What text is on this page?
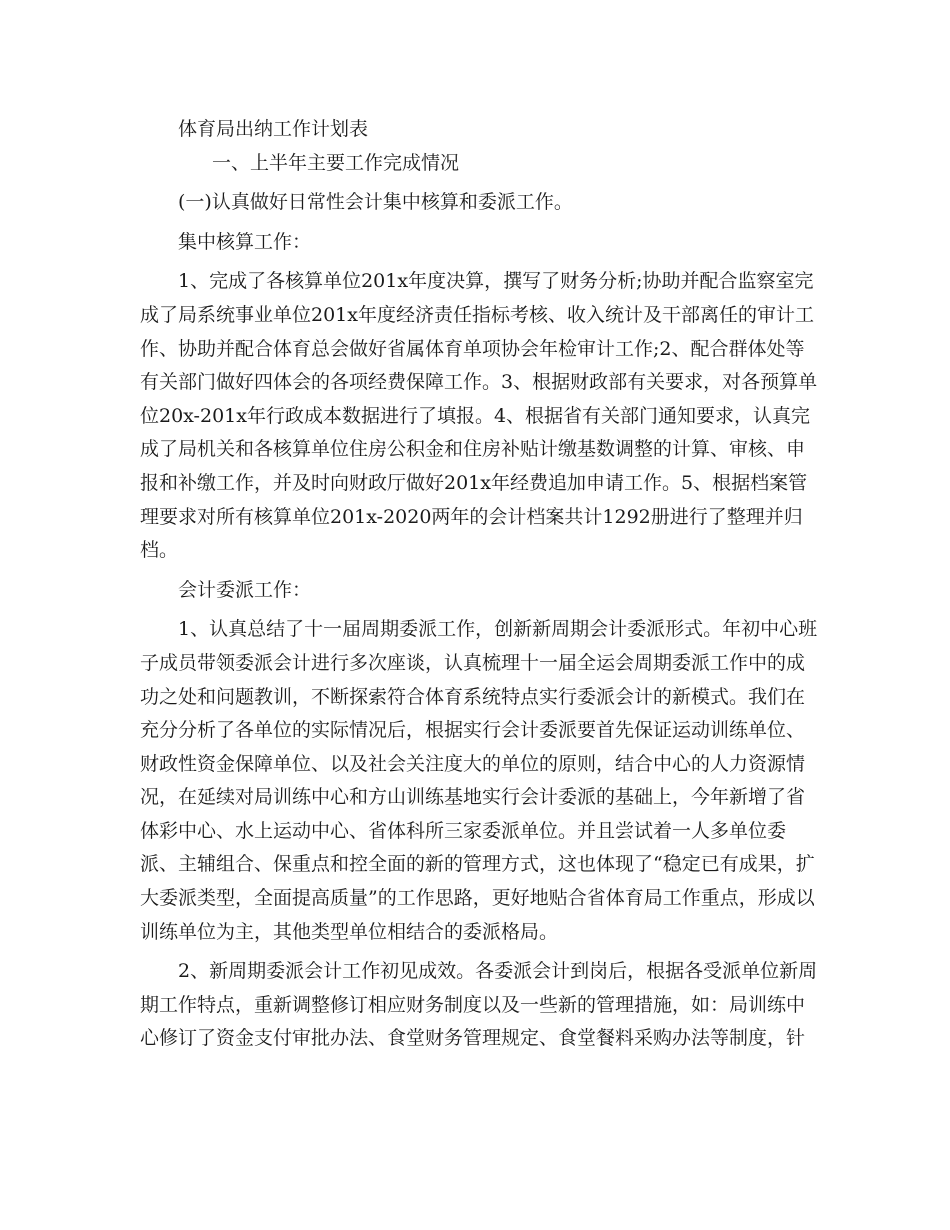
体育局出纳工作计划表
一、上半年主要工作完成情况
(一)认真做好日常性会计集中核算和委派工作。
集中核算工作：
1、完成了各核算单位201x年度决算，撰写了财务分析;协助并配合监察室完
成了局系统事业单位201x年度经济责任指标考核、收入统计及干部离任的审计工
作、协助并配合体育总会做好省属体育单项协会年检审计工作;2、配合群体处等
有关部门做好四体会的各项经费保障工作。3、根据财政部有关要求，对各预算单
位20x-201x年行政成本数据进行了填报。4、根据省有关部门通知要求，认真完
成了局机关和各核算单位住房公积金和住房补贴计缴基数调整的计算、审核、申
报和补缴工作，并及时向财政厅做好201x年经费追加申请工作。5、根据档案管
理要求对所有核算单位201x-2020两年的会计档案共计1292册进行了整理并归
档。
会计委派工作：
1、认真总结了十一届周期委派工作，创新新周期会计委派形式。年初中心班
子成员带领委派会计进行多次座谈，认真梳理十一届全运会周期委派工作中的成
功之处和问题教训，不断探索符合体育系统特点实行委派会计的新模式。我们在
充分分析了各单位的实际情况后，根据实行会计委派要首先保证运动训练单位、
财政性资金保障单位、以及社会关注度大的单位的原则，结合中心的人力资源情
况，在延续对局训练中心和方山训练基地实行会计委派的基础上，今年新增了省
体彩中心、水上运动中心、省体科所三家委派单位。并且尝试着一人多单位委
派、主辅组合、保重点和控全面的新的管理方式，这也体现了“稳定已有成果，扩
大委派类型，全面提高质量”的工作思路，更好地贴合省体育局工作重点，形成以
训练单位为主，其他类型单位相结合的委派格局。
2、新周期委派会计工作初见成效。各委派会计到岗后，根据各受派单位新周
期工作特点，重新调整修订相应财务制度以及一些新的管理措施，如：局训练中
心修订了资金支付审批办法、食堂财务管理规定、食堂餐料采购办法等制度，针
